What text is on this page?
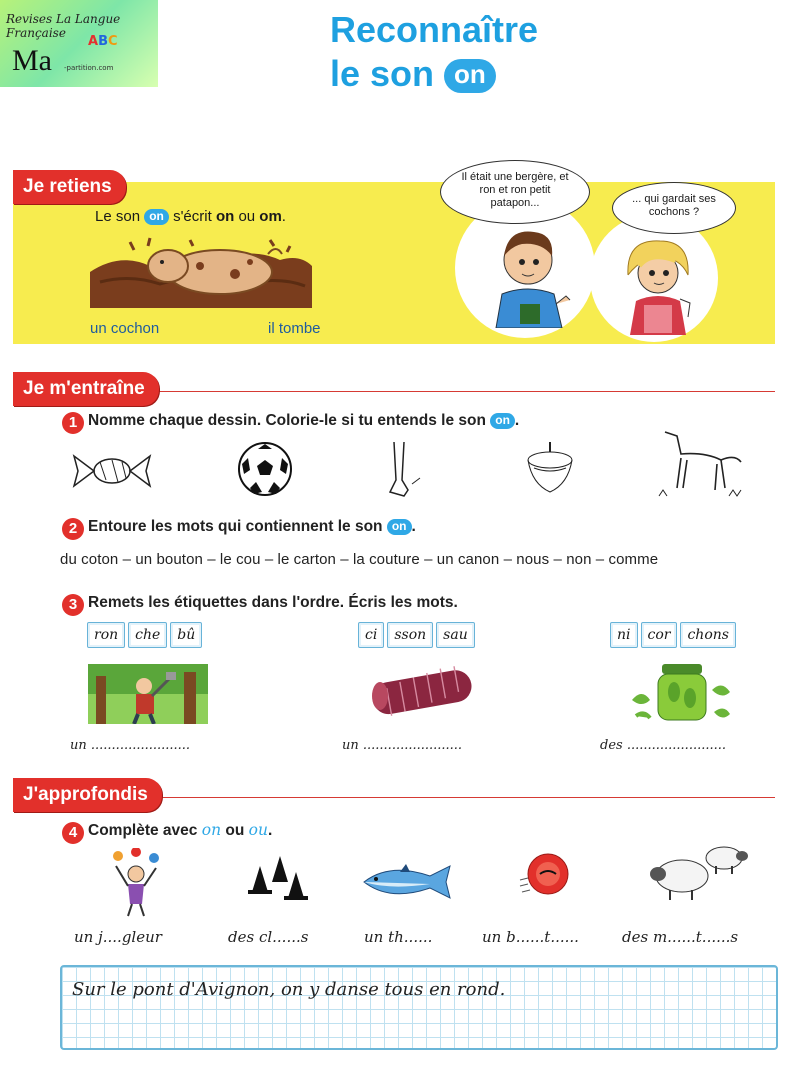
Revises La Langue Française
Ma
ABC
-partition.com
Reconnaître
le son on
Je retiens
Le son on s'écrit on ou om.
un cochon	il tombe
Il était une bergère, et ron et ron petit patapon...	... qui gardait ses cochons ?
Je m'entraîne
1 Nomme chaque dessin. Colorie-le si tu entends le son on .
2 Entoure les mots qui contiennent le son on .
du coton – un bouton – le cou – le carton – la couture – un canon – nous – non – comme
3 Remets les étiquettes dans l'ordre. Écris les mots.
ron che bû	ci sson sau	ni cor chons
un ........................	un ........................	des ........................
J'approfondis
4 Complète avec on ou ou.
un j....gleur	des cl......s	un th......	un b......t......	des m......t......s
Sur le pont d'Avignon, on y danse tous en rond.
